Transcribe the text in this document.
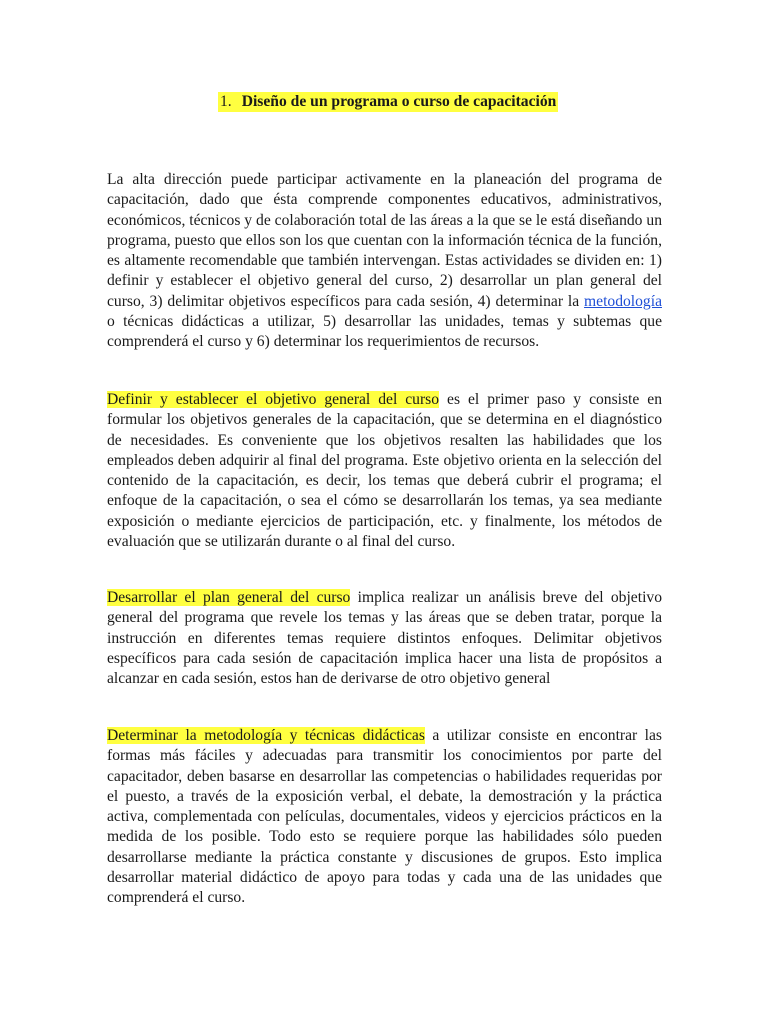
1. Diseño de un programa o curso de capacitación
La alta dirección puede participar activamente en la planeación del programa de capacitación, dado que ésta comprende componentes educativos, administrativos, económicos, técnicos y de colaboración total de las áreas a la que se le está diseñando un programa, puesto que ellos son los que cuentan con la información técnica de la función, es altamente recomendable que también intervengan. Estas actividades se dividen en: 1) definir y establecer el objetivo general del curso, 2) desarrollar un plan general del curso, 3) delimitar objetivos específicos para cada sesión, 4) determinar la metodología o técnicas didácticas a utilizar, 5) desarrollar las unidades, temas y subtemas que comprenderá el curso y 6) determinar los requerimientos de recursos.
Definir y establecer el objetivo general del curso es el primer paso y consiste en formular los objetivos generales de la capacitación, que se determina en el diagnóstico de necesidades. Es conveniente que los objetivos resalten las habilidades que los empleados deben adquirir al final del programa. Este objetivo orienta en la selección del contenido de la capacitación, es decir, los temas que deberá cubrir el programa; el enfoque de la capacitación, o sea el cómo se desarrollarán los temas, ya sea mediante exposición o mediante ejercicios de participación, etc. y finalmente, los métodos de evaluación que se utilizarán durante o al final del curso.
Desarrollar el plan general del curso implica realizar un análisis breve del objetivo general del programa que revele los temas y las áreas que se deben tratar, porque la instrucción en diferentes temas requiere distintos enfoques. Delimitar objetivos específicos para cada sesión de capacitación implica hacer una lista de propósitos a alcanzar en cada sesión, estos han de derivarse de otro objetivo general
Determinar la metodología y técnicas didácticas a utilizar consiste en encontrar las formas más fáciles y adecuadas para transmitir los conocimientos por parte del capacitador, deben basarse en desarrollar las competencias o habilidades requeridas por el puesto, a través de la exposición verbal, el debate, la demostración y la práctica activa, complementada con películas, documentales, videos y ejercicios prácticos en la medida de los posible. Todo esto se requiere porque las habilidades sólo pueden desarrollarse mediante la práctica constante y discusiones de grupos. Esto implica desarrollar material didáctico de apoyo para todas y cada una de las unidades que comprenderá el curso.
